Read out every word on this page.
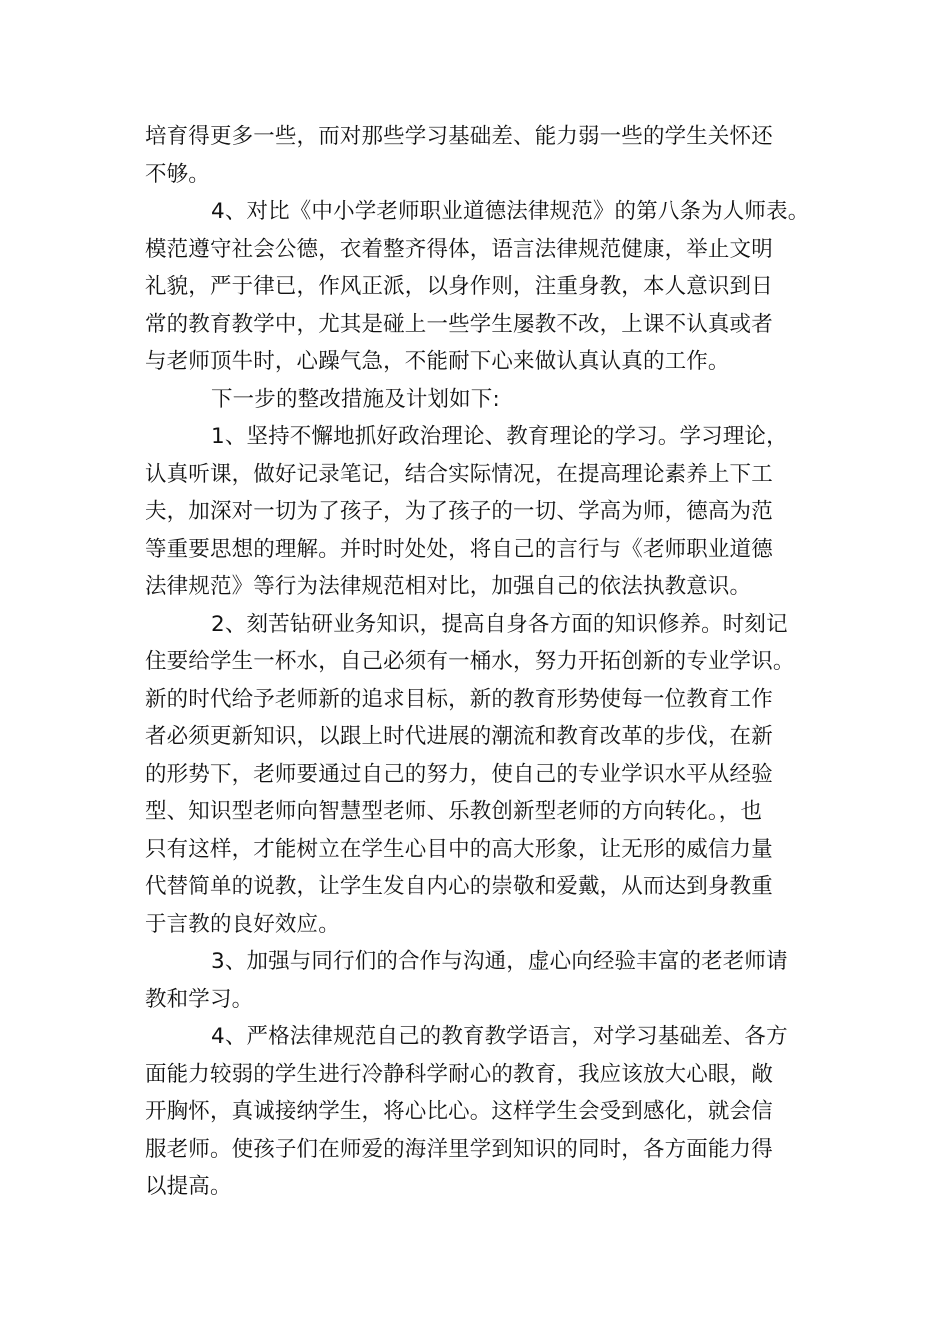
培育得更多一些，而对那些学习基础差、能力弱一些的学生关怀还
不够。
4、对比《中小学老师职业道德法律规范》的第八条为人师表。
模范遵守社会公德，衣着整齐得体，语言法律规范健康，举止文明
礼貌，严于律已，作风正派，以身作则，注重身教，本人意识到日
常的教育教学中，尤其是碰上一些学生屡教不改，上课不认真或者
与老师顶牛时，心躁气急，不能耐下心来做认真认真的工作。
下一步的整改措施及计划如下:
1、坚持不懈地抓好政治理论、教育理论的学习。学习理论，
认真听课，做好记录笔记，结合实际情况，在提高理论素养上下工
夫，加深对一切为了孩子，为了孩子的一切、学高为师，德高为范
等重要思想的理解。并时时处处，将自己的言行与《老师职业道德
法律规范》等行为法律规范相对比，加强自己的依法执教意识。
2、刻苦钻研业务知识，提高自身各方面的知识修养。时刻记
住要给学生一杯水，自己必须有一桶水，努力开拓创新的专业学识。
新的时代给予老师新的追求目标，新的教育形势使每一位教育工作
者必须更新知识，以跟上时代进展的潮流和教育改革的步伐，在新
的形势下，老师要通过自己的努力，使自己的专业学识水平从经验
型、知识型老师向智慧型老师、乐教创新型老师的方向转化。，也
只有这样，才能树立在学生心目中的高大形象，让无形的威信力量
代替简单的说教，让学生发自内心的崇敬和爱戴，从而达到身教重
于言教的良好效应。
3、加强与同行们的合作与沟通，虚心向经验丰富的老老师请
教和学习。
4、严格法律规范自己的教育教学语言，对学习基础差、各方
面能力较弱的学生进行冷静科学耐心的教育，我应该放大心眼，敞
开胸怀，真诚接纳学生，将心比心。这样学生会受到感化，就会信
服老师。使孩子们在师爱的海洋里学到知识的同时，各方面能力得
以提高。
